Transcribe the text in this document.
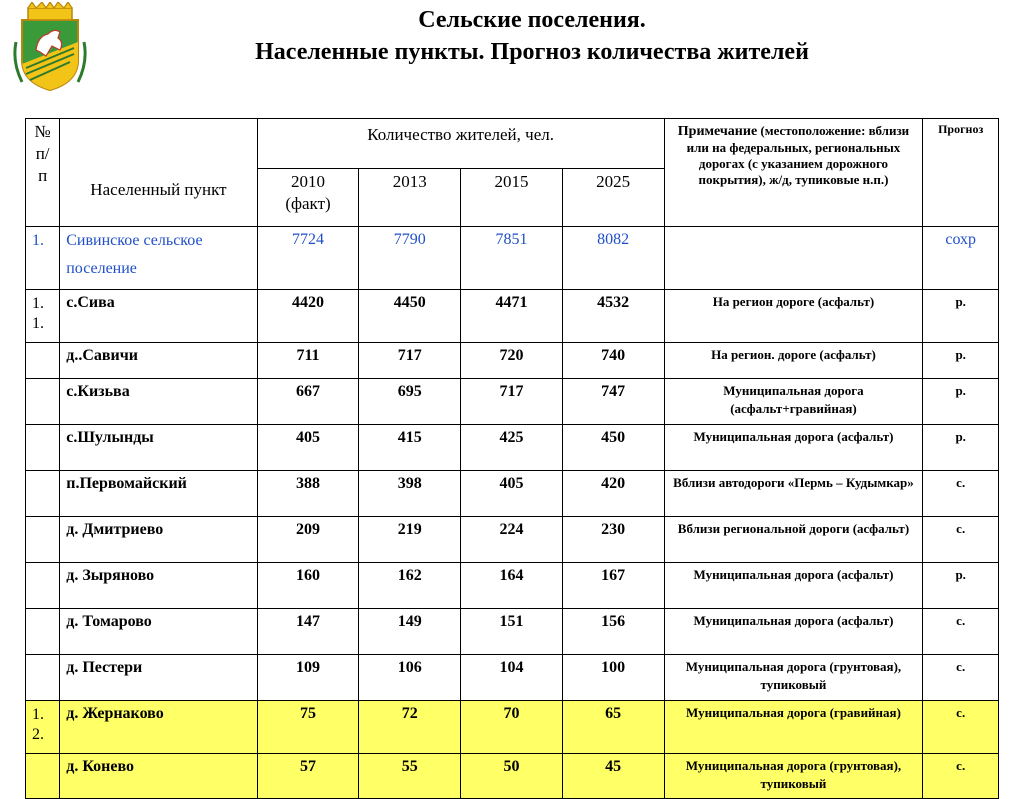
Сельские поселения.
Населенные пункты. Прогноз количества жителей
№
п/
п	Населенный пункт	Количество жителей, чел.				Примечание (местоположение: вблизи или на федеральных, региональных дорогах (с указанием дорожного покрытия), ж/д, тупиковые н.п.)	Прогноз

		2010
(факт)	2013	2015	2025		
1.	Сивинское сельское поселение	7724	7790	7851	8082		сохр
1. 1.	с.Сива	4420	4450	4471	4532	На регион дороге (асфальт)	р.
	д..Савичи	711	717	720	740	На регион. дороге (асфальт)	р.
	с.Кизьва	667	695	717	747	Муниципальная дорога (асфальт+гравийная)	р.
	с.Шулынды	405	415	425	450	Муниципальная дорога (асфальт)	р.
	п.Первомайский	388	398	405	420	Вблизи автодороги «Пермь – Кудымкар»	с.
	д. Дмитриево	209	219	224	230	Вблизи региональной дороги (асфальт)	с.
	д. Зыряново	160	162	164	167	Муниципальная дорога (асфальт)	р.
	д. Томарово	147	149	151	156	Муниципальная дорога (асфальт)	с.
	д. Пестери	109	106	104	100	Муниципальная дорога (грунтовая), тупиковый	с.
1. 2.	д. Жернаково	75	72	70	65	Муниципальная дорога (гравийная)	с.
	д. Конево	57	55	50	45	Муниципальная дорога (грунтовая), тупиковый	с.
